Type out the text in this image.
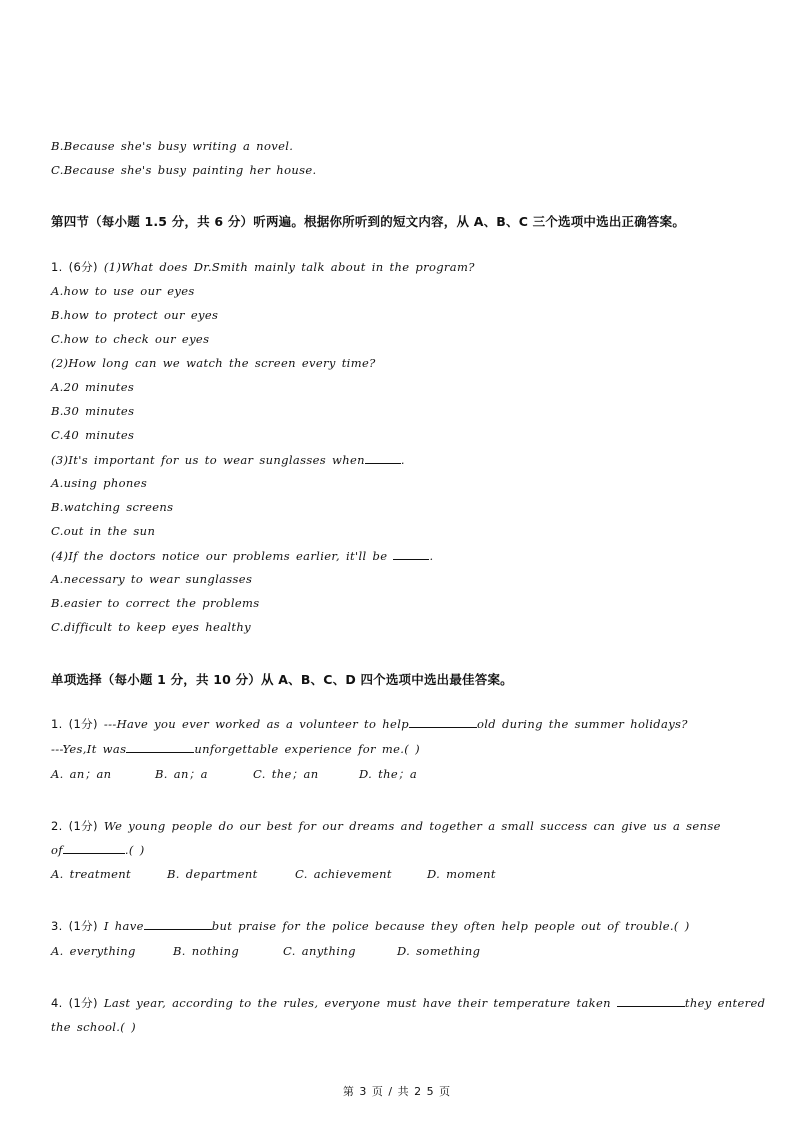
B.Because she's busy writing a novel.
C.Because she's busy painting her house.
第四节（每小题 1.5 分，共 6 分）听两遍。根据你所听到的短文内容，从 A、B、C 三个选项中选出正确答案。
1. (6分) (1)What does Dr.Smith mainly talk about in the program?
A.how to use our eyes
B.how to protect our eyes
C.how to check our eyes
(2)How long can we watch the screen every time?
A.20 minutes
B.30 minutes
C.40 minutes
(3)It's important for us to wear sunglasses when	.
A.using phones
B.watching screens
C.out in the sun
(4)If the doctors notice our problems earlier, it'll be	.
A.necessary to wear sunglasses
B.easier to correct the problems
C.difficult to keep eyes healthy
单项选择（每小题 1 分，共 10 分）从 A、B、C、D 四个选项中选出最佳答案。
1. (1分) ---Have you ever worked as a volunteer to help	old during the summer holidays?
---Yes,It was	unforgettable experience for me.( )
A. an；an	B. an；a	C. the；an	D. the；a
2. (1分) We young people do our best for our dreams and together a small success can give us a sense
of	.( )
A. treatment	B. department	C. achievement	D. moment
3. (1分) I have	but praise for the police because they often help people out of trouble.( )
A. everything	B. nothing	C. anything	D. something
4. (1分) Last year, according to the rules, everyone must have their temperature taken	they entered
the school.( )
第 3 页 / 共 2 5 页
